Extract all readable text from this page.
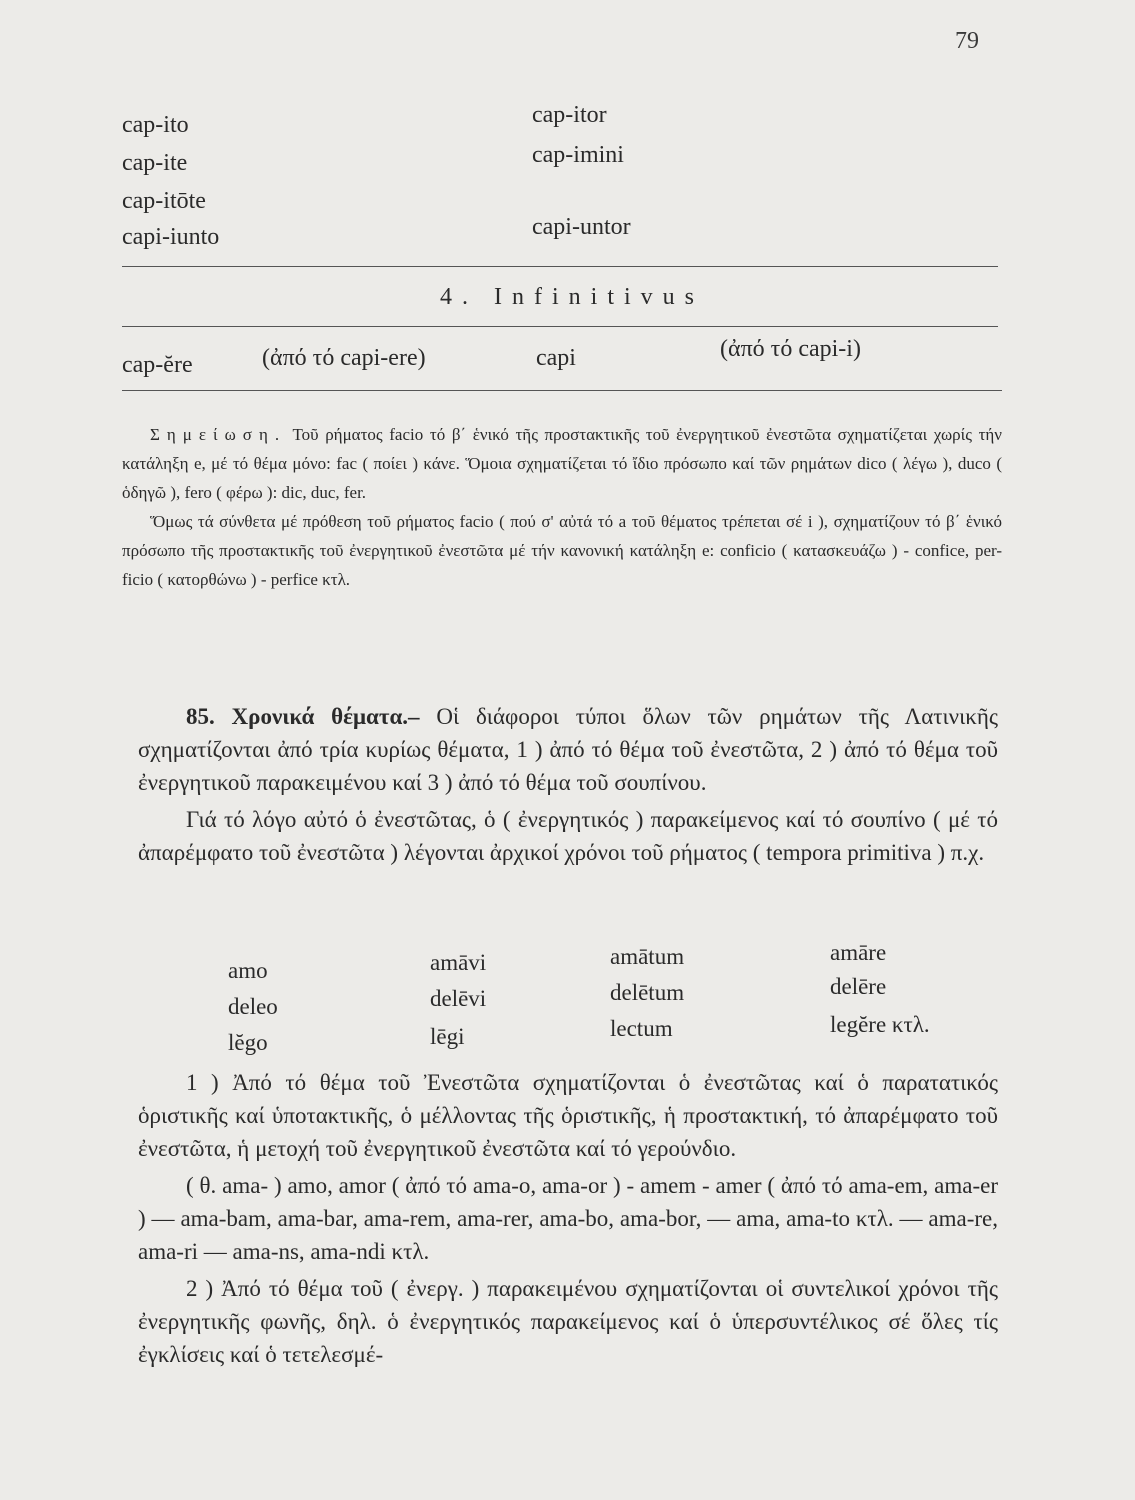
79
cap-ito	cap-itor
cap-ite	cap-imini
cap-itōte
capi-iunto	capi-untor
4. Infinitivus
cap-ĕre	(ἀπό τό capi-ere)	capi	(ἀπό τό capi-i)

Σημείωση. Τοῦ ρήματος facio τό β΄ ἑνικό τῆς προστακτικῆς τοῦ ἐνεργητικοῦ ἐνεστῶτα σχηματίζεται χωρίς τήν κατάληξη e, μέ τό θέμα μόνο: fac ( ποίει ) κάνε. Ὅμοια σχηματίζεται τό ἴδιο πρόσωπο καί τῶν ρημάτων dico ( λέγω ), duco ( ὁδηγῶ ), fero ( φέρω ): dic, duc, fer.

Ὅμως τά σύνθετα μέ πρόθεση τοῦ ρήματος facio ( πού σ' αὐτά τό a τοῦ θέματος τρέπεται σέ i ), σχηματίζουν τό β΄ ἑνικό πρόσωπο τῆς προστακτικῆς τοῦ ἐνεργητικοῦ ἐνεστῶτα μέ τήν κανονική κατάληξη e: conficio ( κατασκευάζω ) - confice, per-ficio ( κατορθώνω ) - perfice κτλ.

85. Χρονικά θέματα.– Οἱ διάφοροι τύποι ὅλων τῶν ρημάτων τῆς Λατινικῆς σχηματίζονται ἀπό τρία κυρίως θέματα, 1 ) ἀπό τό θέμα τοῦ ἐνεστῶτα, 2 ) ἀπό τό θέμα τοῦ ἐνεργητικοῦ παρακειμένου καί 3 ) ἀπό τό θέμα τοῦ σουπίνου.

Γιά τό λόγο αὐτό ὁ ἐνεστῶτας, ὁ ( ἐνεργητικός ) παρακείμενος καί τό σουπίνο ( μέ τό ἀπαρέμφατο τοῦ ἐνεστῶτα ) λέγονται ἀρχικοί χρόνοι τοῦ ρήματος ( tempora primitiva ) π.χ.

amo	amāvi	amātum	amāre
deleo	delēvi	delētum	delēre
lĕgo	lēgi	lectum	legĕre κτλ.

1 ) Ἀπό τό θέμα τοῦ Ἐνεστῶτα σχηματίζονται ὁ ἐνεστῶτας καί ὁ παρατατικός ὁριστικῆς καί ὑποτακτικῆς, ὁ μέλλοντας τῆς ὁριστικῆς, ἡ προστακτική, τό ἀπαρέμφατο τοῦ ἐνεστῶτα, ἡ μετοχή τοῦ ἐνεργητικοῦ ἐνεστῶτα καί τό γερούνδιο.

( θ. ama- ) amo, amor ( ἀπό τό ama-o, ama-or ) - amem - amer ( ἀπό τό ama-em, ama-er ) — ama-bam, ama-bar, ama-rem, ama-rer, ama-bo, ama-bor, — ama, ama-to κτλ. — ama-re, ama-ri — ama-ns, ama-ndi κτλ.

2 ) Ἀπό τό θέμα τοῦ ( ἐνεργ. ) παρακειμένου σχηματίζονται οἱ συντελικοί χρόνοι τῆς ἐνεργητικῆς φωνῆς, δηλ. ὁ ἐνεργητικός παρακείμενος καί ὁ ὑπερσυντέλικος σέ ὅλες τίς ἐγκλίσεις καί ὁ τετελεσμέ-
